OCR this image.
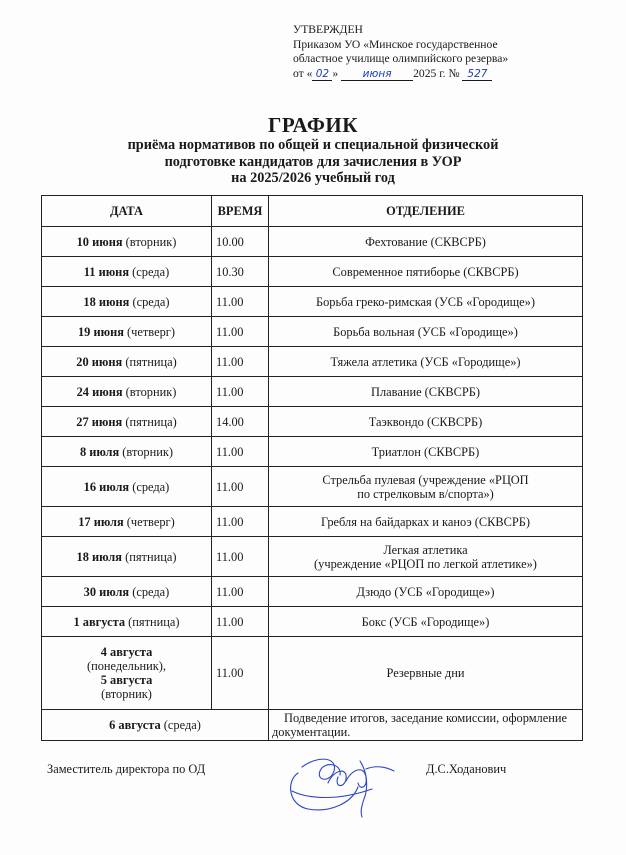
УТВЕРЖДЕН
Приказом УО «Минское государственное
областное училище олимпийского резерва»
от « 02 » июня 2025 г. № 527
ГРАФИК
приёма нормативов по общей и специальной физической
подготовке кандидатов для зачисления в УОР
на 2025/2026 учебный год
ДАТА	ВРЕМЯ	ОТДЕЛЕНИЕ
10 июня (вторник)	10.00	Фехтование (СКВСРБ)
11 июня (среда)	10.30	Современное пятиборье (СКВСРБ)
18 июня (среда)	11.00	Борьба греко-римская (УСБ «Городище»)
19 июня (четверг)	11.00	Борьба вольная (УСБ «Городище»)
20 июня (пятница)	11.00	Тяжела атлетика (УСБ «Городище»)
24 июня (вторник)	11.00	Плавание (СКВСРБ)
27 июня (пятница)	14.00	Таэквондо (СКВСРБ)
8 июля (вторник)	11.00	Триатлон (СКВСРБ)
16 июля (среда)	11.00	Стрельба пулевая (учреждение «РЦОП
по стрелковым в/спорта»)
17 июля (четверг)	11.00	Гребля на байдарках и каноэ (СКВСРБ)
18 июля (пятница)	11.00	Легкая атлетика
(учреждение «РЦОП по легкой атлетике»)
30 июля (среда)	11.00	Дзюдо (УСБ «Городище»)
1 августа (пятница)	11.00	Бокс (УСБ «Городище»)
4 августа
(понедельник),
5 августа
(вторник)	11.00	Резервные дни
6 августа (среда)		Подведение итогов, заседание комиссии, оформление документации.
Заместитель директора по ОД	Д.С.Ходанович
